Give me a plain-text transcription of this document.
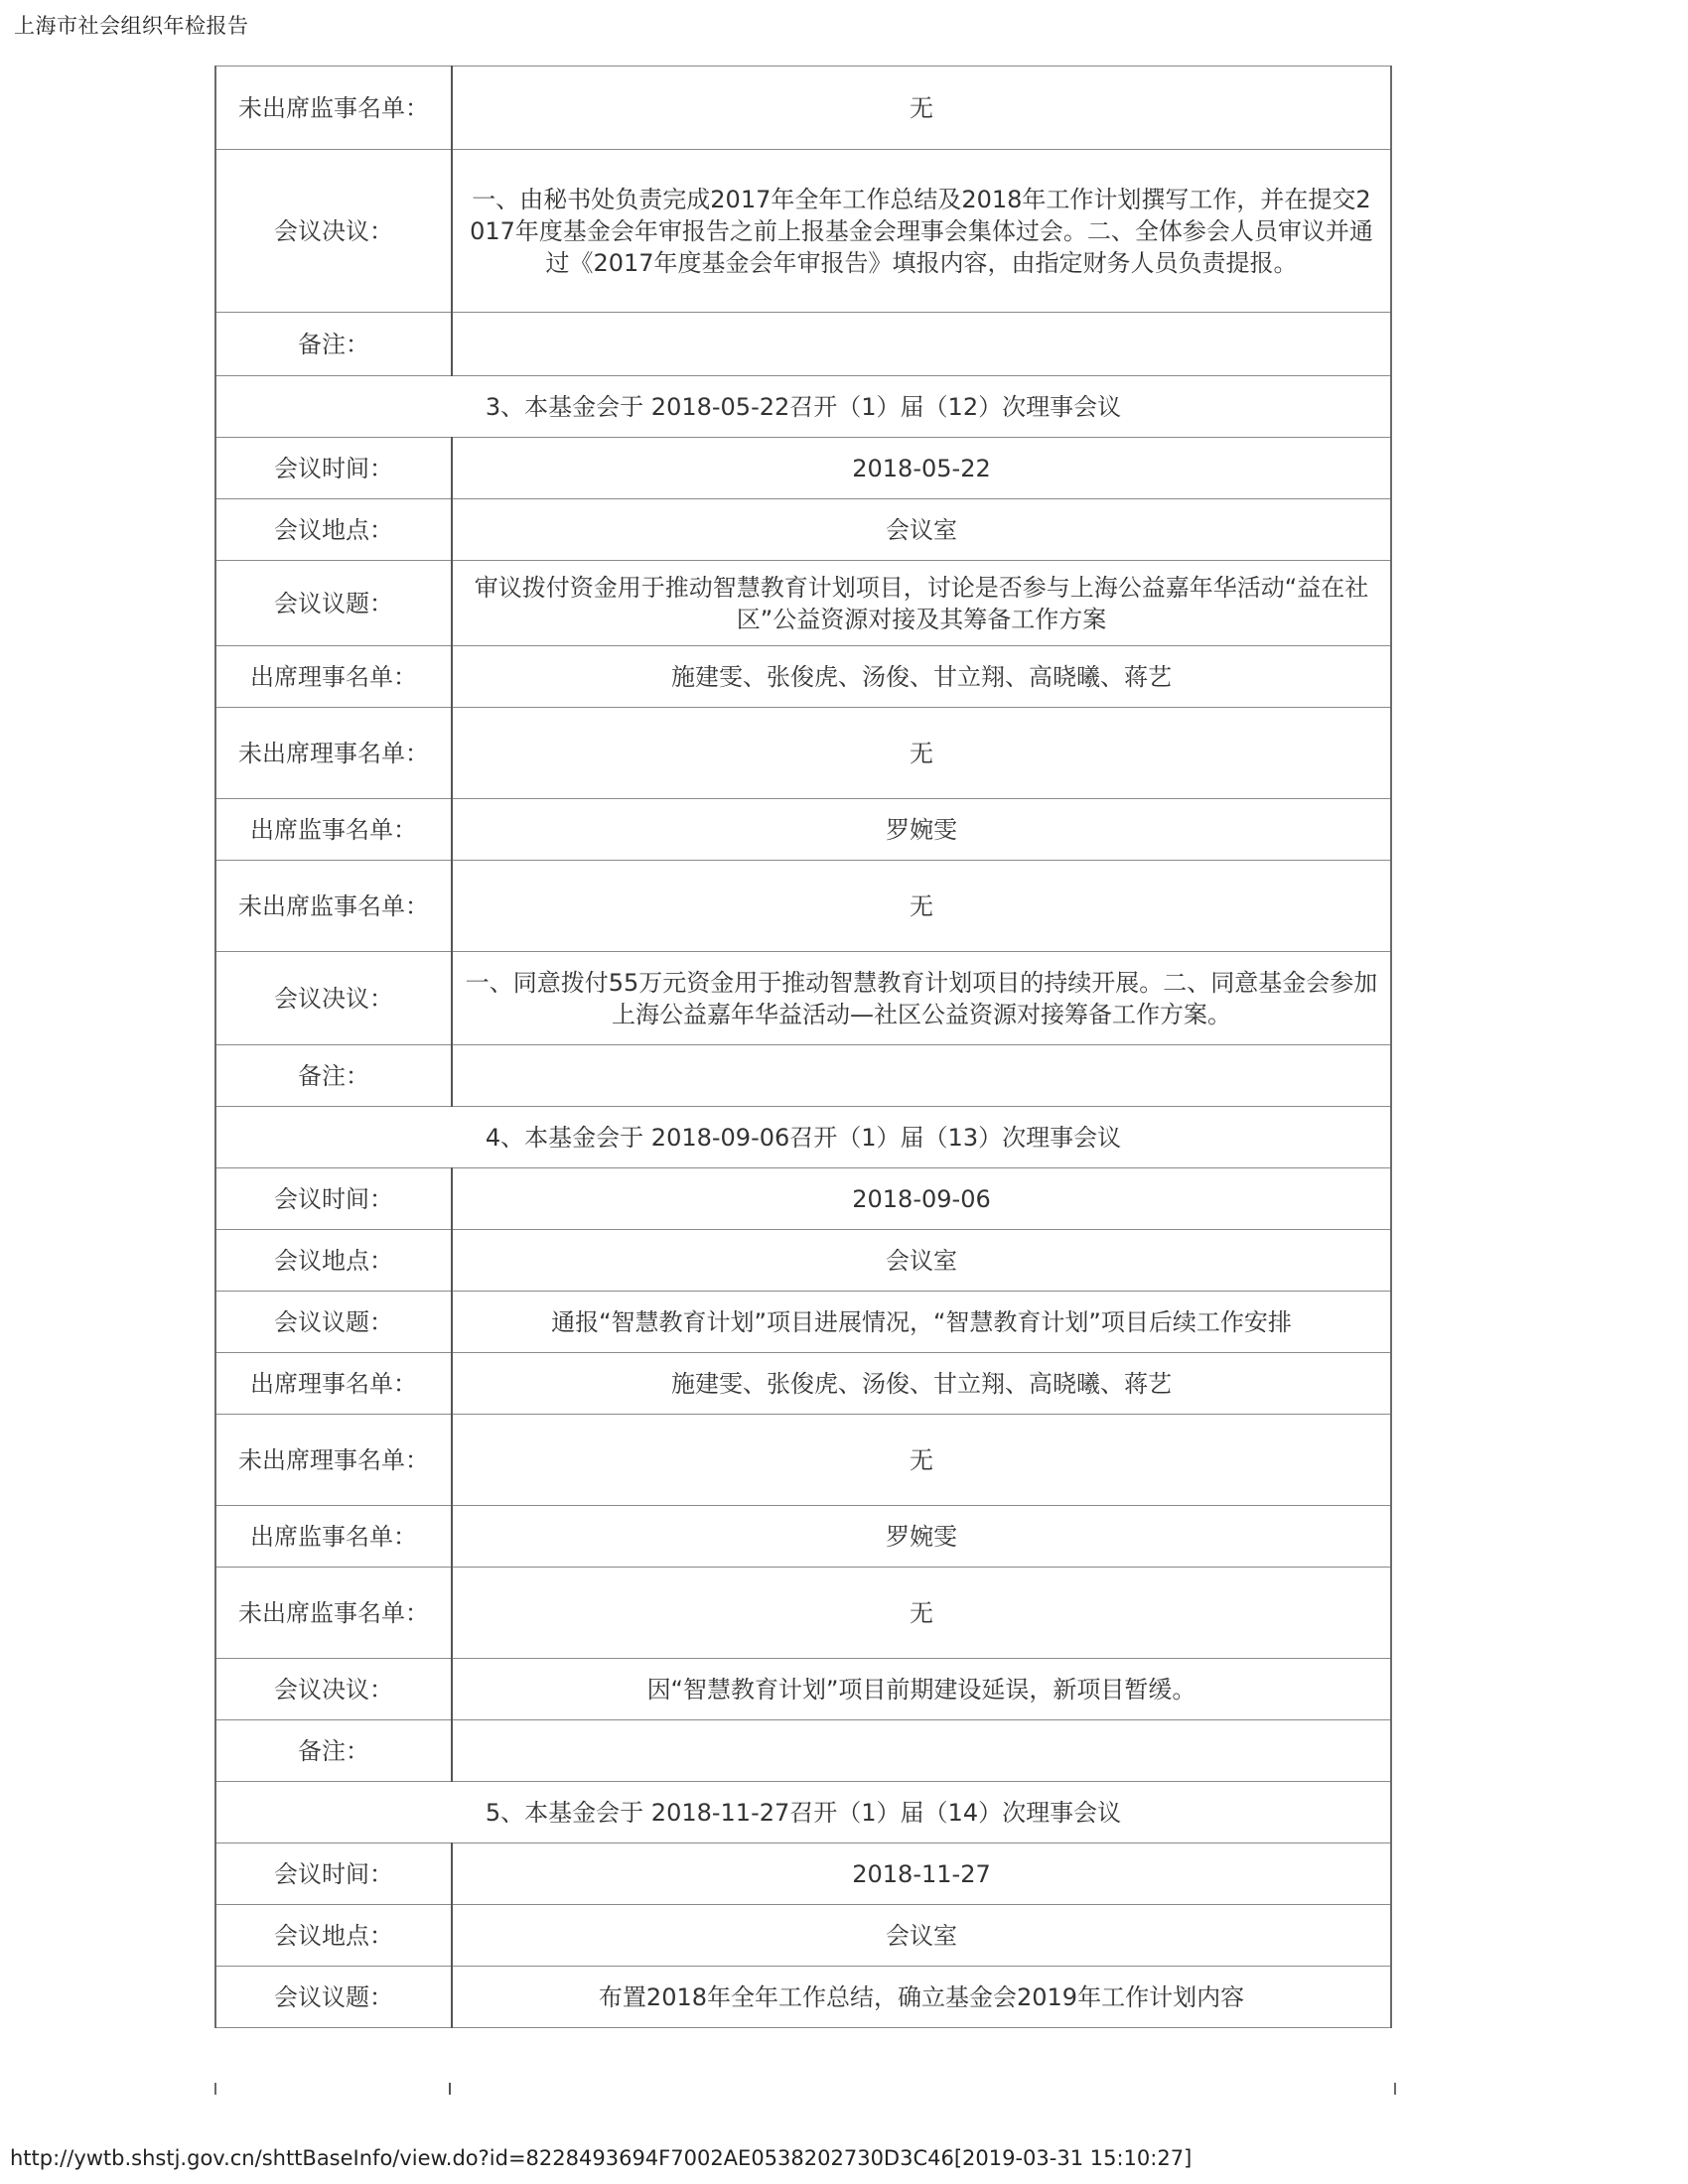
上海市社会组织年检报告
未出席监事名单：	无
会议决议：	一、由秘书处负责完成2017年全年工作总结及2018年工作计划撰写工作，并在提交2017年度基金会年审报告之前上报基金会理事会集体过会。二、全体参会人员审议并通过《2017年度基金会年审报告》填报内容，由指定财务人员负责提报。
备注：	
3、本基金会于 2018-05-22召开（1）届（12）次理事会议	
会议时间：	2018-05-22
会议地点：	会议室
会议议题：	审议拨付资金用于推动智慧教育计划项目，讨论是否参与上海公益嘉年华活动“益在社区”公益资源对接及其筹备工作方案
出席理事名单：	施建雯、张俊虎、汤俊、甘立翔、高晓曦、蒋艺
未出席理事名单：	无
出席监事名单：	罗婉雯
未出席监事名单：	无
会议决议：	一、同意拨付55万元资金用于推动智慧教育计划项目的持续开展。二、同意基金会参加上海公益嘉年华益活动—社区公益资源对接筹备工作方案。
备注：	
4、本基金会于 2018-09-06召开（1）届（13）次理事会议	
会议时间：	2018-09-06
会议地点：	会议室
会议议题：	通报“智慧教育计划”项目进展情况，“智慧教育计划”项目后续工作安排
出席理事名单：	施建雯、张俊虎、汤俊、甘立翔、高晓曦、蒋艺
未出席理事名单：	无
出席监事名单：	罗婉雯
未出席监事名单：	无
会议决议：	因“智慧教育计划”项目前期建设延误，新项目暂缓。
备注：	
5、本基金会于 2018-11-27召开（1）届（14）次理事会议	
会议时间：	2018-11-27
会议地点：	会议室
会议议题：	布置2018年全年工作总结，确立基金会2019年工作计划内容
http://ywtb.shstj.gov.cn/shttBaseInfo/view.do?id=8228493694F7002AE0538202730D3C46[2019-03-31 15:10:27]
